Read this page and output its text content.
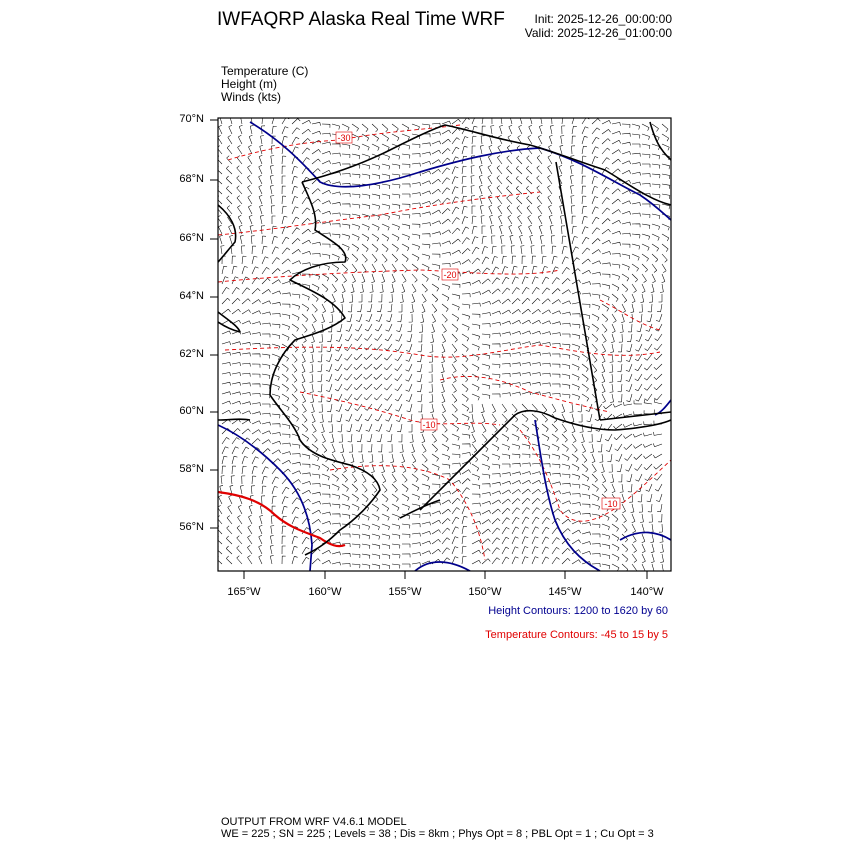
IWFAQRP Alaska Real Time WRF Init: 2025-12-26_00:00:00
Valid: 2025-12-26_01:00:00
Temperature (C)
Height (m)
Winds (kts)
-30
-20
-10
-10
70°N
68°N
66°N
64°N
62°N
60°N
58°N
56°N
165°W	160°W	155°W	150°W	145°W	140°W
Height Contours: 1200 to 1620 by 60
Temperature Contours: -45 to 15 by 5
OUTPUT FROM WRF V4.6.1 MODEL
WE = 225 ; SN = 225 ; Levels = 38 ; Dis = 8km ; Phys Opt = 8 ; PBL Opt = 1 ; Cu Opt = 3
